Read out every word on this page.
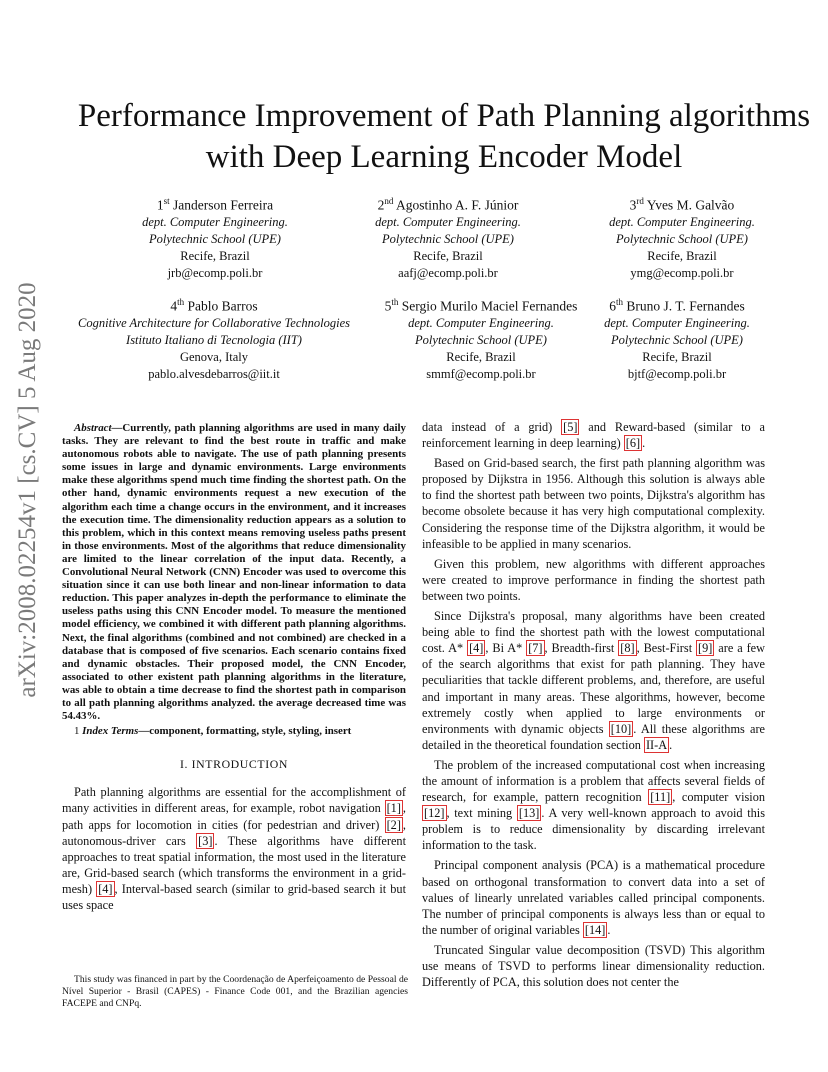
arXiv:2008.02254v1 [cs.CV] 5 Aug 2020
Performance Improvement of Path Planning algorithms with Deep Learning Encoder Model
1st Janderson Ferreira
dept. Computer Engineering.
Polytechnic School (UPE)
Recife, Brazil
jrb@ecomp.poli.br
2nd Agostinho A. F. Júnior
dept. Computer Engineering.
Polytechnic School (UPE)
Recife, Brazil
aafj@ecomp.poli.br
3rd Yves M. Galvão
dept. Computer Engineering.
Polytechnic School (UPE)
Recife, Brazil
ymg@ecomp.poli.br
4th Pablo Barros
Cognitive Architecture for Collaborative Technologies
Istituto Italiano di Tecnologia (IIT)
Genova, Italy
pablo.alvesdebarros@iit.it
5th Sergio Murilo Maciel Fernandes
dept. Computer Engineering.
Polytechnic School (UPE)
Recife, Brazil
smmf@ecomp.poli.br
6th Bruno J. T. Fernandes
dept. Computer Engineering.
Polytechnic School (UPE)
Recife, Brazil
bjtf@ecomp.poli.br

Abstract—Currently, path planning algorithms are used in many daily tasks. They are relevant to find the best route in traffic and make autonomous robots able to navigate. The use of path planning presents some issues in large and dynamic environments. Large environments make these algorithms spend much time finding the shortest path. On the other hand, dynamic environments request a new execution of the algorithm each time a change occurs in the environment, and it increases the execution time. The dimensionality reduction appears as a solution to this problem, which in this context means removing useless paths present in those environments. Most of the algorithms that reduce dimensionality are limited to the linear correlation of the input data. Recently, a Convolutional Neural Network (CNN) Encoder was used to overcome this situation since it can use both linear and non-linear information to data reduction. This paper analyzes in-depth the performance to eliminate the useless paths using this CNN Encoder model. To measure the mentioned model efficiency, we combined it with different path planning algorithms. Next, the final algorithms (combined and not combined) are checked in a database that is composed of five scenarios. Each scenario contains fixed and dynamic obstacles. Their proposed model, the CNN Encoder, associated to other existent path planning algorithms in the literature, was able to obtain a time decrease to find the shortest path in comparison to all path planning algorithms analyzed. the average decreased time was 54.43%.

1 Index Terms—component, formatting, style, styling, insert

I. INTRODUCTION

Path planning algorithms are essential for the accomplishment of many activities in different areas, for example, robot navigation [1] , path apps for locomotion in cities (for pedestrian and driver) [2] , autonomous-driver cars [3] . These algorithms have different approaches to treat spatial information, the most used in the literature are, Grid-based search (which transforms the environment in a grid-mesh) [4] , Interval-based search (similar to grid-based search it but uses space

This study was financed in part by the Coordenação de Aperfeiçoamento de Pessoal de Nível Superior - Brasil (CAPES) - Finance Code 001, and the Brazilian agencies FACEPE and CNPq.

data instead of a grid) [5] and Reward-based (similar to a reinforcement learning in deep learning) [6] .

Based on Grid-based search, the first path planning algorithm was proposed by Dijkstra in 1956. Although this solution is always able to find the shortest path between two points, Dijkstra's algorithm has become obsolete because it has very high computational complexity. Considering the response time of the Dijkstra algorithm, it would be infeasible to be applied in many scenarios.

Given this problem, new algorithms with different approaches were created to improve performance in finding the shortest path between two points.

Since Dijkstra's proposal, many algorithms have been created being able to find the shortest path with the lowest computational cost. A* [4] , Bi A* [7] , Breadth-first [8] , Best-First [9] are a few of the search algorithms that exist for path planning. They have peculiarities that tackle different problems, and, therefore, are useful and important in many areas. These algorithms, however, become extremely costly when applied to large environments or environments with dynamic objects [10] . All these algorithms are detailed in the theoretical foundation section II-A .

The problem of the increased computational cost when increasing the amount of information is a problem that affects several fields of research, for example, pattern recognition [11] , computer vision [12] , text mining [13] . A very well-known approach to avoid this problem is to reduce dimensionality by discarding irrelevant information to the task.

Principal component analysis (PCA) is a mathematical procedure based on orthogonal transformation to convert data into a set of values of linearly unrelated variables called principal components. The number of principal components is always less than or equal to the number of original variables [14] .

Truncated Singular value decomposition (TSVD) This algorithm use means of TSVD to performs linear dimensionality reduction. Differently of PCA, this solution does not center the
